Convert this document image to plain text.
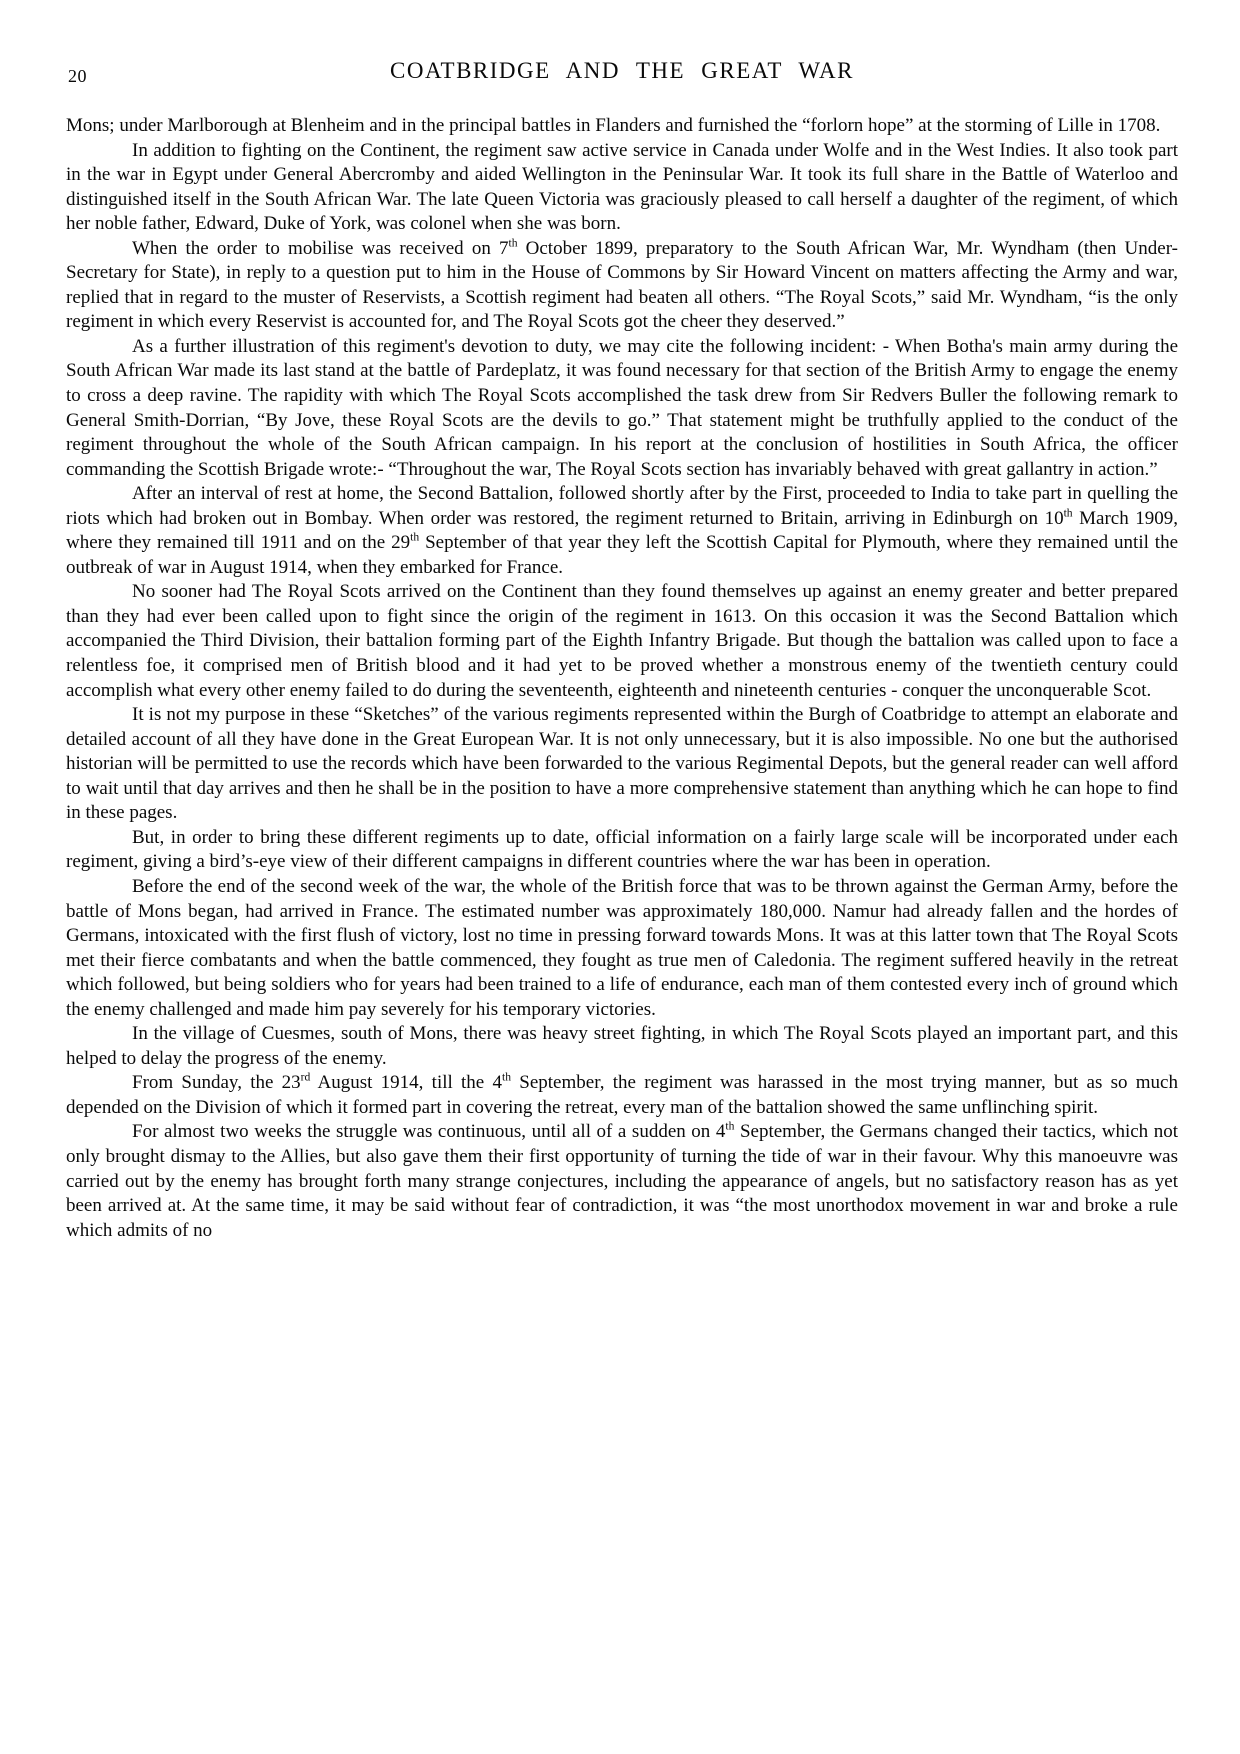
20	COATBRIDGE AND THE GREAT WAR

Mons; under Marlborough at Blenheim and in the principal battles in Flanders and furnished the “forlorn hope” at the storming of Lille in 1708.

In addition to fighting on the Continent, the regiment saw active service in Canada under Wolfe and in the West Indies. It also took part in the war in Egypt under General Abercromby and aided Wellington in the Peninsular War. It took its full share in the Battle of Waterloo and distinguished itself in the South African War. The late Queen Victoria was graciously pleased to call herself a daughter of the regiment, of which her noble father, Edward, Duke of York, was colonel when she was born.

When the order to mobilise was received on 7th October 1899, preparatory to the South African War, Mr. Wyndham (then Under-Secretary for State), in reply to a question put to him in the House of Commons by Sir Howard Vincent on matters affecting the Army and war, replied that in regard to the muster of Reservists, a Scottish regiment had beaten all others. “The Royal Scots,” said Mr. Wyndham, “is the only regiment in which every Reservist is accounted for, and The Royal Scots got the cheer they deserved.”

As a further illustration of this regiment's devotion to duty, we may cite the following incident: - When Botha's main army during the South African War made its last stand at the battle of Pardeplatz, it was found necessary for that section of the British Army to engage the enemy to cross a deep ravine. The rapidity with which The Royal Scots accomplished the task drew from Sir Redvers Buller the following remark to General Smith-Dorrian, “By Jove, these Royal Scots are the devils to go.” That statement might be truthfully applied to the conduct of the regiment throughout the whole of the South African campaign. In his report at the conclusion of hostilities in South Africa, the officer commanding the Scottish Brigade wrote:- “Throughout the war, The Royal Scots section has invariably behaved with great gallantry in action.”

After an interval of rest at home, the Second Battalion, followed shortly after by the First, proceeded to India to take part in quelling the riots which had broken out in Bombay. When order was restored, the regiment returned to Britain, arriving in Edinburgh on 10th March 1909, where they remained till 1911 and on the 29th September of that year they left the Scottish Capital for Plymouth, where they remained until the outbreak of war in August 1914, when they embarked for France.

No sooner had The Royal Scots arrived on the Continent than they found themselves up against an enemy greater and better prepared than they had ever been called upon to fight since the origin of the regiment in 1613. On this occasion it was the Second Battalion which accompanied the Third Division, their battalion forming part of the Eighth Infantry Brigade. But though the battalion was called upon to face a relentless foe, it comprised men of British blood and it had yet to be proved whether a monstrous enemy of the twentieth century could accomplish what every other enemy failed to do during the seventeenth, eighteenth and nineteenth centuries - conquer the unconquerable Scot.

It is not my purpose in these “Sketches” of the various regiments represented within the Burgh of Coatbridge to attempt an elaborate and detailed account of all they have done in the Great European War. It is not only unnecessary, but it is also impossible. No one but the authorised historian will be permitted to use the records which have been forwarded to the various Regimental Depots, but the general reader can well afford to wait until that day arrives and then he shall be in the position to have a more comprehensive statement than anything which he can hope to find in these pages.

But, in order to bring these different regiments up to date, official information on a fairly large scale will be incorporated under each regiment, giving a bird’s-eye view of their different campaigns in different countries where the war has been in operation.

Before the end of the second week of the war, the whole of the British force that was to be thrown against the German Army, before the battle of Mons began, had arrived in France. The estimated number was approximately 180,000. Namur had already fallen and the hordes of Germans, intoxicated with the first flush of victory, lost no time in pressing forward towards Mons. It was at this latter town that The Royal Scots met their fierce combatants and when the battle commenced, they fought as true men of Caledonia. The regiment suffered heavily in the retreat which followed, but being soldiers who for years had been trained to a life of endurance, each man of them contested every inch of ground which the enemy challenged and made him pay severely for his temporary victories.

In the village of Cuesmes, south of Mons, there was heavy street fighting, in which The Royal Scots played an important part, and this helped to delay the progress of the enemy.

From Sunday, the 23rd August 1914, till the 4th September, the regiment was harassed in the most trying manner, but as so much depended on the Division of which it formed part in covering the retreat, every man of the battalion showed the same unflinching spirit.

For almost two weeks the struggle was continuous, until all of a sudden on 4th September, the Germans changed their tactics, which not only brought dismay to the Allies, but also gave them their first opportunity of turning the tide of war in their favour. Why this manoeuvre was carried out by the enemy has brought forth many strange conjectures, including the appearance of angels, but no satisfactory reason has as yet been arrived at. At the same time, it may be said without fear of contradiction, it was “the most unorthodox movement in war and broke a rule which admits of no
